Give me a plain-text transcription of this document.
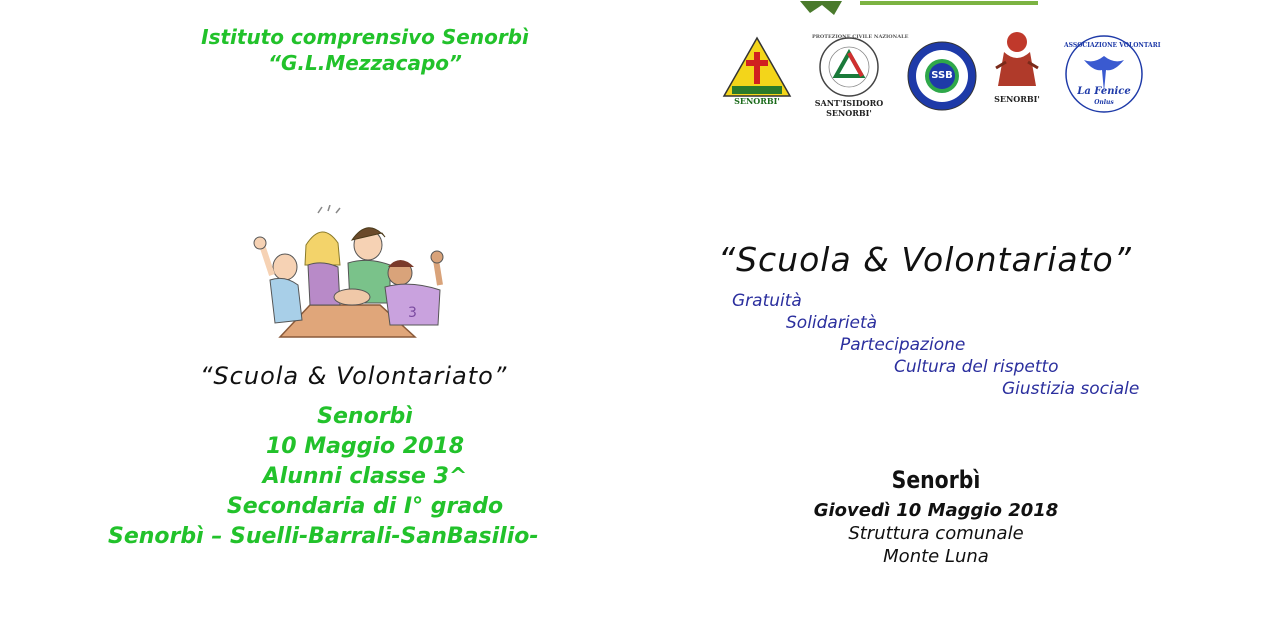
Istituto comprensivo Senorbì
“G.L.Mezzacapo”
3
“Scuola & Volontariato”
Senorbì
10 Maggio 2018
Alunni classe 3^
Secondaria di I° grado
Senorbì – Suelli-Barrali-SanBasilio-
SENORBI'
PROTEZIONE CIVILE NAZIONALE
SANT'ISIDORO
SENORBI'
SSB
SENORBI'
ASSOCIAZIONE VOLONTARI
La Fenice
Onlus
“Scuola & Volontariato”
Gratuità
Solidarietà
Partecipazione
Cultura del rispetto
Giustizia sociale
Senorbì
Giovedì 10 Maggio 2018
Struttura comunale
Monte Luna
